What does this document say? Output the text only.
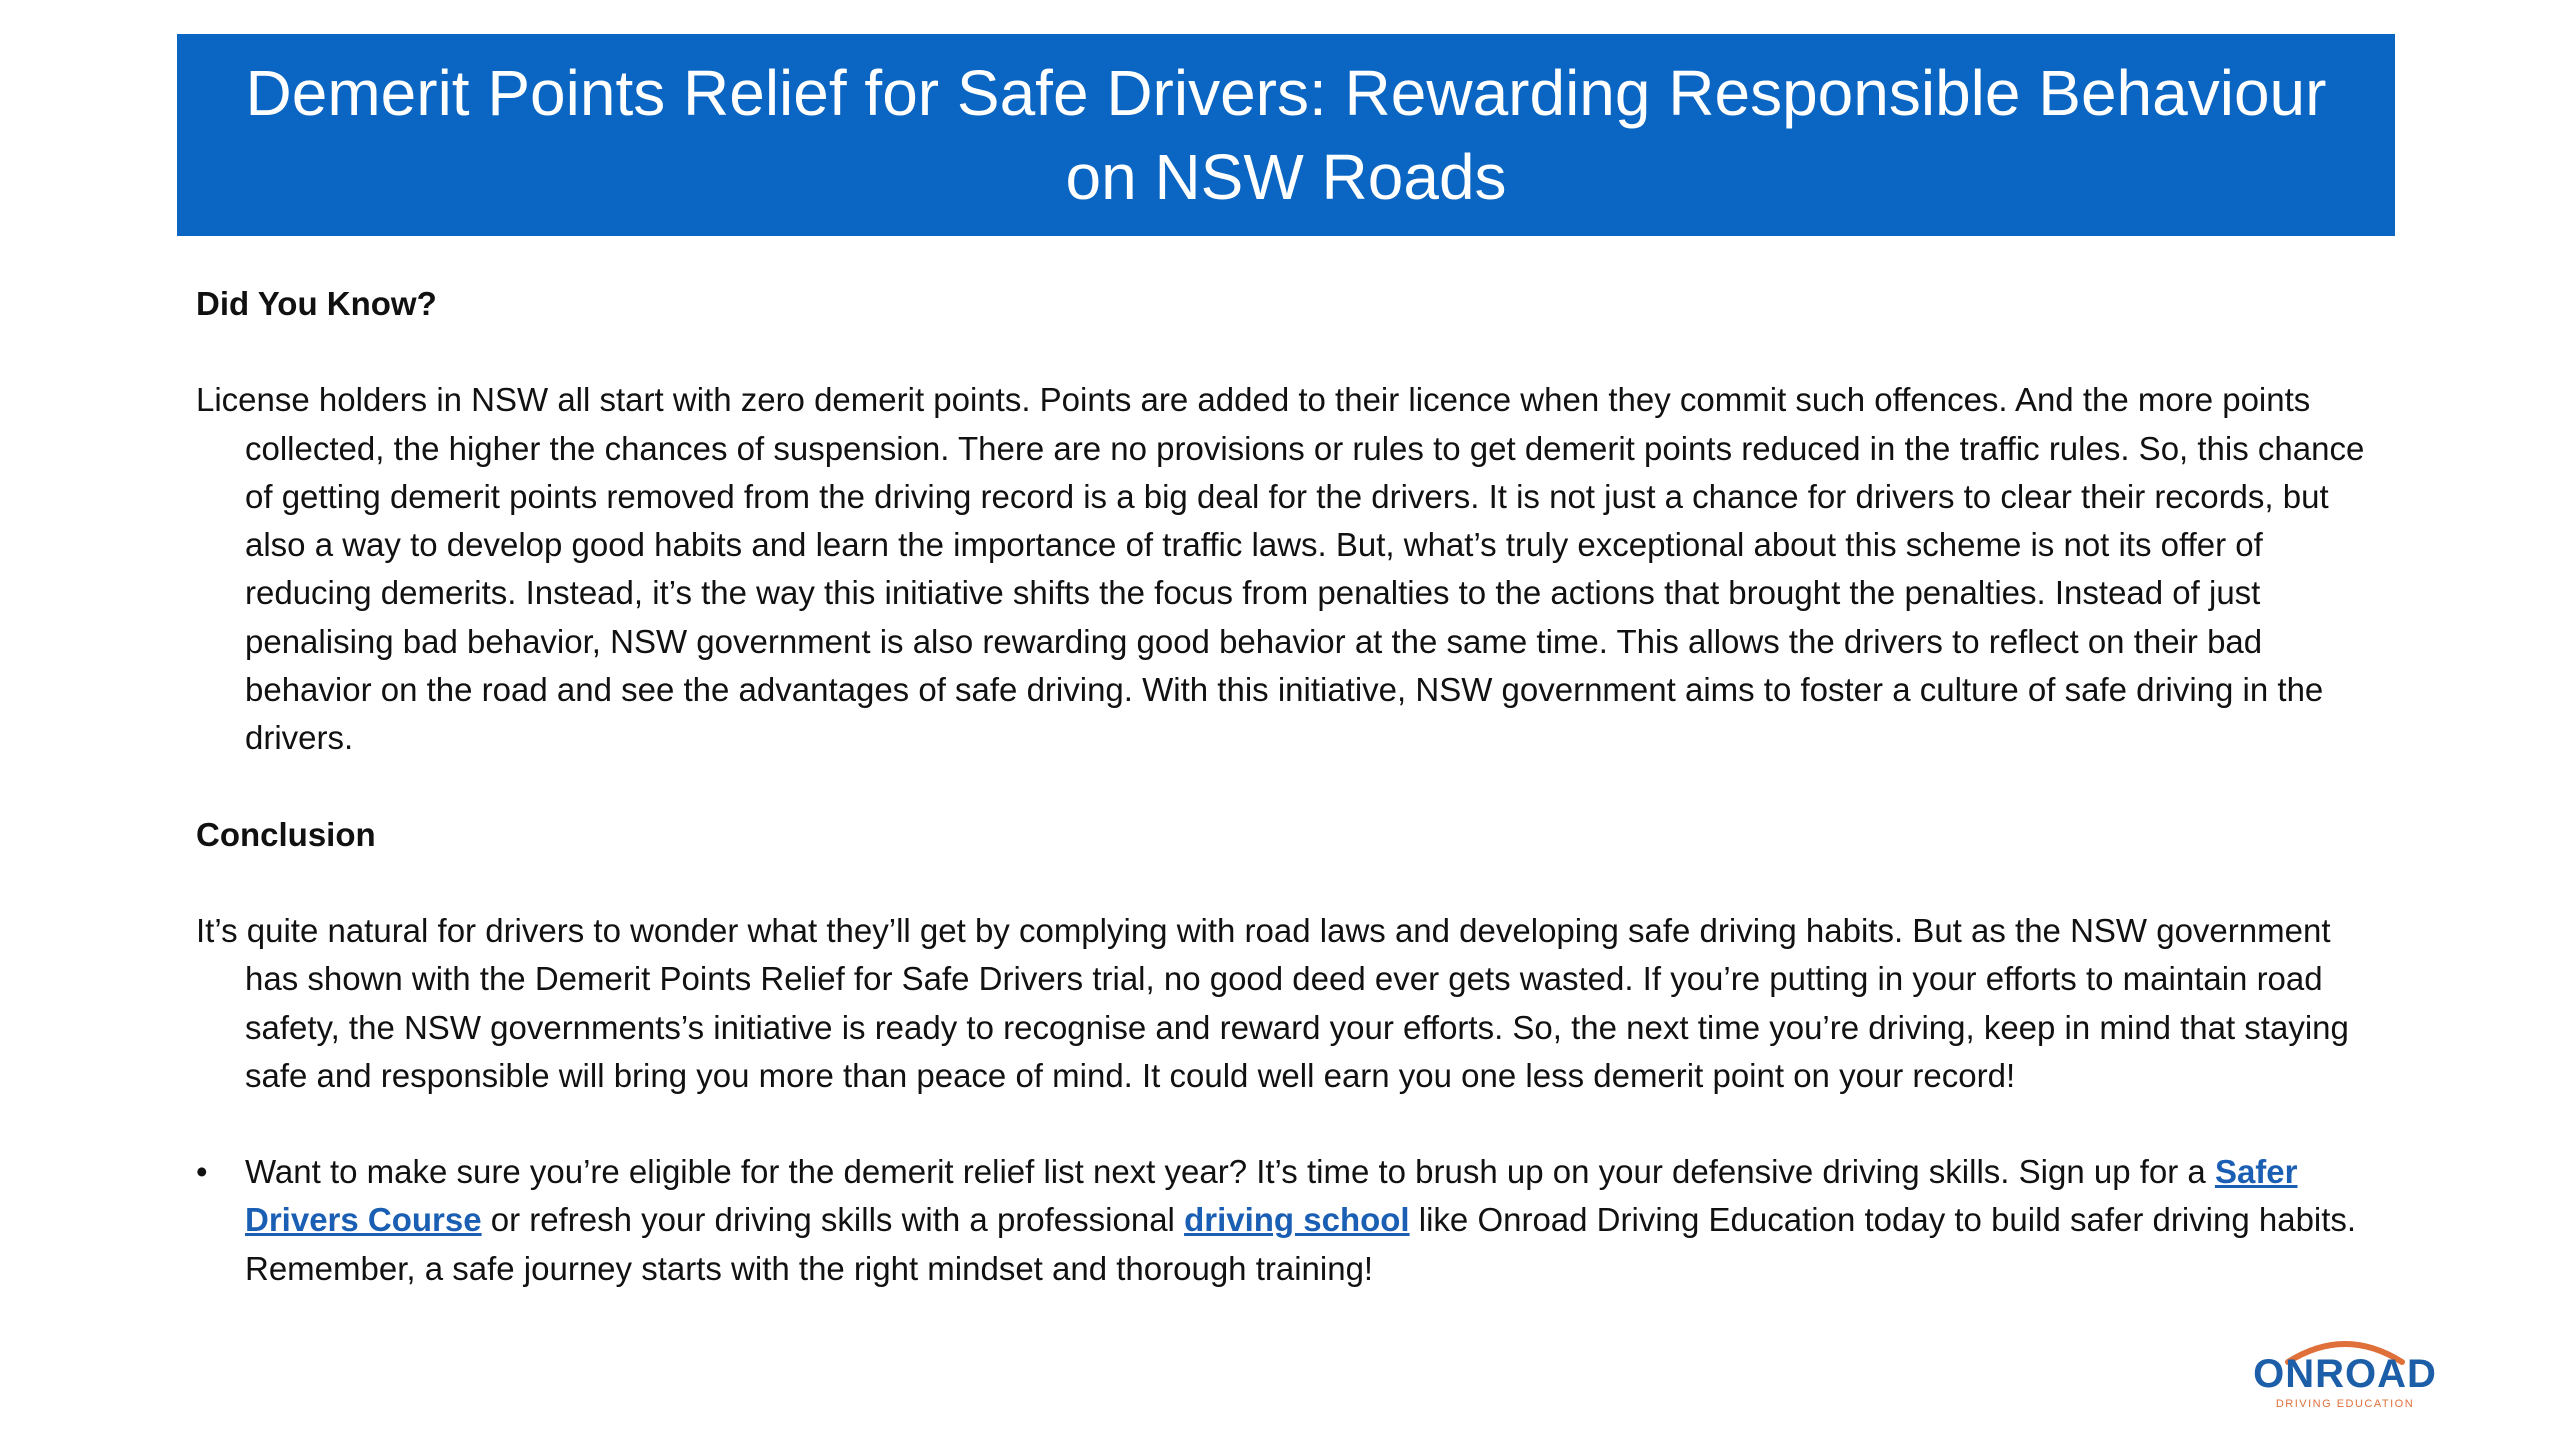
Demerit Points Relief for Safe Drivers: Rewarding Responsible Behaviour on NSW Roads

Did You Know?

License holders in NSW all start with zero demerit points. Points are added to their licence when they commit such offences. And the more points collected, the higher the chances of suspension. There are no provisions or rules to get demerit points reduced in the traffic rules. So, this chance of getting demerit points removed from the driving record is a big deal for the drivers. It is not just a chance for drivers to clear their records, but also a way to develop good habits and learn the importance of traffic laws. But, what’s truly exceptional about this scheme is not its offer of reducing demerits. Instead, it’s the way this initiative shifts the focus from penalties to the actions that brought the penalties. Instead of just penalising bad behavior, NSW government is also rewarding good behavior at the same time. This allows the drivers to reflect on their bad behavior on the road and see the advantages of safe driving. With this initiative, NSW government aims to foster a culture of safe driving in the drivers.

Conclusion

It’s quite natural for drivers to wonder what they’ll get by complying with road laws and developing safe driving habits. But as the NSW government has shown with the Demerit Points Relief for Safe Drivers trial, no good deed ever gets wasted. If you’re putting in your efforts to maintain road safety, the NSW governments’s initiative is ready to recognise and reward your efforts. So, the next time you’re driving, keep in mind that staying safe and responsible will bring you more than peace of mind. It could well earn you one less demerit point on your record!

•	Want to make sure you’re eligible for the demerit relief list next year? It’s time to brush up on your defensive driving skills. Sign up for a Safer Drivers Course or refresh your driving skills with a professional driving school like Onroad Driving Education today to build safer driving habits. Remember, a safe journey starts with the right mindset and thorough training!
ONROAD
DRIVING EDUCATION
